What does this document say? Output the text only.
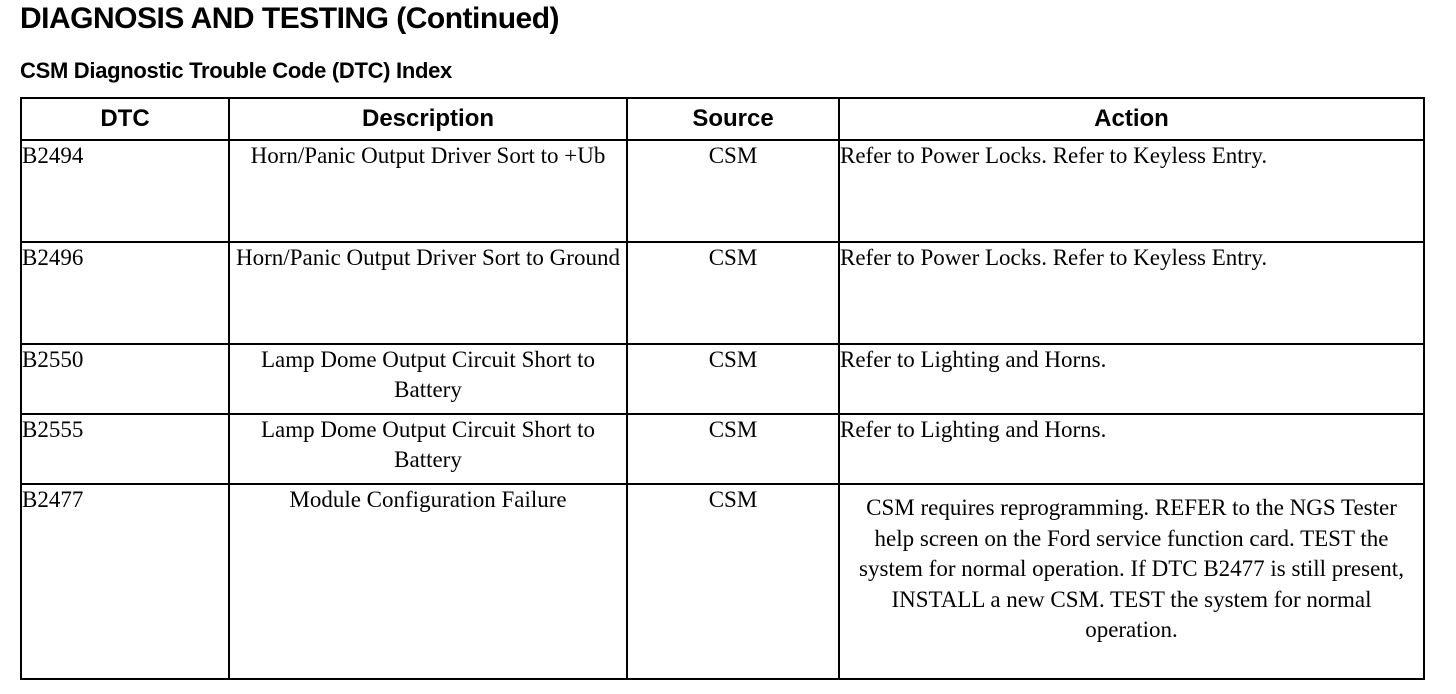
DIAGNOSIS AND TESTING (Continued)
CSM Diagnostic Trouble Code (DTC) Index
DTC	Description	Source	Action
B2494	Horn/Panic Output Driver Sort to +Ub	CSM	Refer to Power Locks. Refer to Keyless Entry.
B2496	Horn/Panic Output Driver Sort to Ground	CSM	Refer to Power Locks. Refer to Keyless Entry.
B2550	Lamp Dome Output Circuit Short to Battery	CSM	Refer to Lighting and Horns.
B2555	Lamp Dome Output Circuit Short to Battery	CSM	Refer to Lighting and Horns.
B2477	Module Configuration Failure	CSM	CSM requires reprogramming. REFER to the NGS Tester help screen on the Ford service function card. TEST the system for normal operation. If DTC B2477 is still present, INSTALL a new CSM. TEST the system for normal operation.
